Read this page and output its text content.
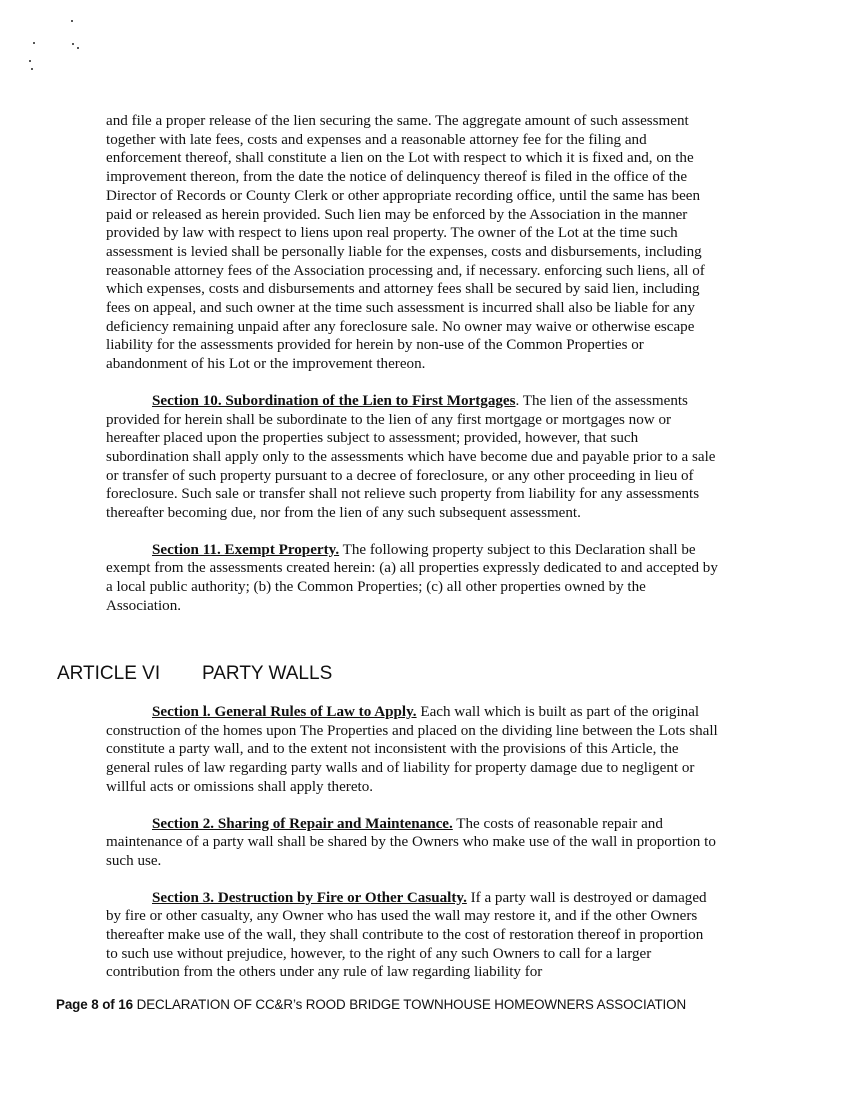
and file a proper release of the lien securing the same. The aggregate amount of such assessment together with late fees, costs and expenses and a reasonable attorney fee for the filing and enforcement thereof, shall constitute a lien on the Lot with respect to which it is fixed and, on the improvement thereon, from the date the notice of delinquency thereof is filed in the office of the Director of Records or County Clerk or other appropriate recording office, until the same has been paid or released as herein provided. Such lien may be enforced by the Association in the manner provided by law with respect to liens upon real property. The owner of the Lot at the time such assessment is levied shall be personally liable for the expenses, costs and disbursements, including reasonable attorney fees of the Association processing and, if necessary. enforcing such liens, all of which expenses, costs and disbursements and attorney fees shall be secured by said lien, including fees on appeal, and such owner at the time such assessment is incurred shall also be liable for any deficiency remaining unpaid after any foreclosure sale. No owner may waive or otherwise escape liability for the assessments provided for herein by non-use of the Common Properties or abandonment of his Lot or the improvement thereon.

Section 10. Subordination of the Lien to First Mortgages. The lien of the assessments provided for herein shall be subordinate to the lien of any first mortgage or mortgages now or hereafter placed upon the properties subject to assessment; provided, however, that such subordination shall apply only to the assessments which have become due and payable prior to a sale or transfer of such property pursuant to a decree of foreclosure, or any other proceeding in lieu of foreclosure. Such sale or transfer shall not relieve such property from liability for any assessments thereafter becoming due, nor from the lien of any such subsequent assessment.

Section 11. Exempt Property. The following property subject to this Declaration shall be exempt from the assessments created herein: (a) all properties expressly dedicated to and accepted by a local public authority; (b) the Common Properties; (c) all other properties owned by the Association.

ARTICLE VI PARTY WALLS

Section l. General Rules of Law to Apply. Each wall which is built as part of the original construction of the homes upon The Properties and placed on the dividing line between the Lots shall constitute a party wall, and to the extent not inconsistent with the provisions of this Article, the general rules of law regarding party walls and of liability for property damage due to negligent or willful acts or omissions shall apply thereto.

Section 2. Sharing of Repair and Maintenance. The costs of reasonable repair and maintenance of a party wall shall be shared by the Owners who make use of the wall in proportion to such use.

Section 3. Destruction by Fire or Other Casualty. If a party wall is destroyed or damaged by fire or other casualty, any Owner who has used the wall may restore it, and if the other Owners thereafter make use of the wall, they shall contribute to the cost of restoration thereof in proportion to such use without prejudice, however, to the right of any such Owners to call for a larger contribution from the others under any rule of law regarding liability for

Page 8 of 16 DECLARATION OF CC&R’s ROOD BRIDGE TOWNHOUSE HOMEOWNERS ASSOCIATION
